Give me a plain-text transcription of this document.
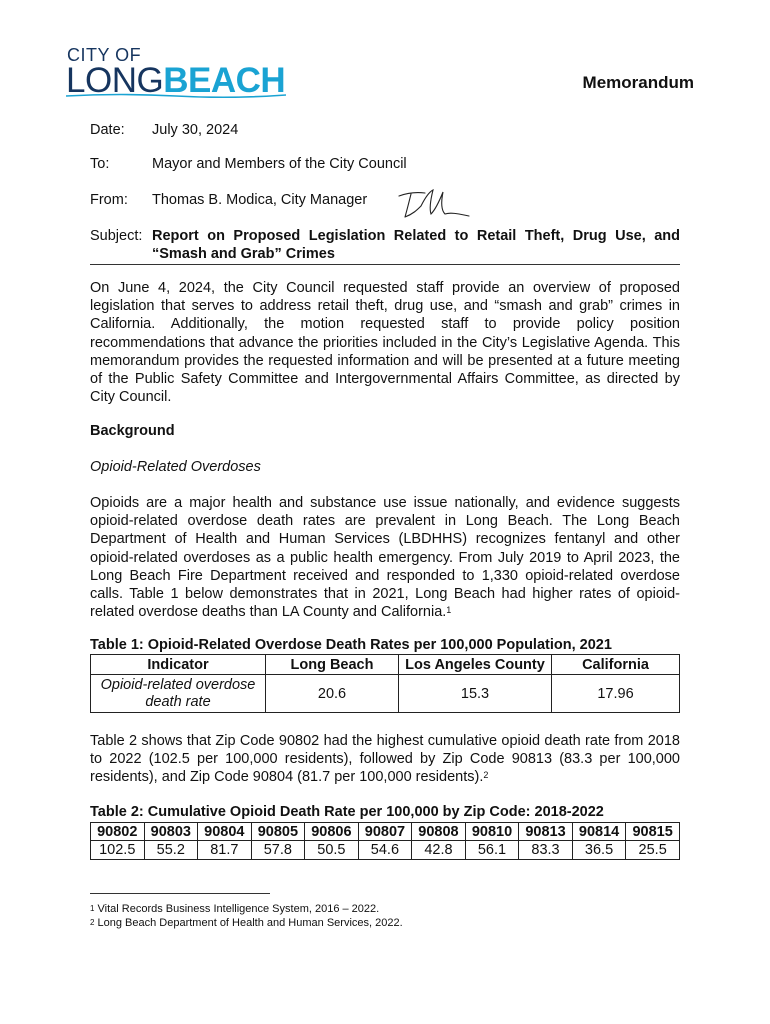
CITY OF
LONGBEACH	Memorandum
Date: July 30, 2024
To:	Mayor and Members of the City Council
From: Thomas B. Modica, City Manager
Subject: Report on Proposed Legislation Related to Retail Theft, Drug Use, and “Smash and Grab” Crimes
On June 4, 2024, the City Council requested staff provide an overview of proposed legislation that serves to address retail theft, drug use, and “smash and grab” crimes in California. Additionally, the motion requested staff to provide policy position recommendations that advance the priorities included in the City’s Legislative Agenda. This memorandum provides the requested information and will be presented at a future meeting of the Public Safety Committee and Intergovernmental Affairs Committee, as directed by City Council.
Background
Opioid-Related Overdoses
Opioids are a major health and substance use issue nationally, and evidence suggests opioid-related overdose death rates are prevalent in Long Beach. The Long Beach Department of Health and Human Services (LBDHHS) recognizes fentanyl and other opioid-related overdoses as a public health emergency. From July 2019 to April 2023, the Long Beach Fire Department received and responded to 1,330 opioid-related overdose calls. Table 1 below demonstrates that in 2021, Long Beach had higher rates of opioid-related overdose deaths than LA County and California.$^1$
Table 1: Opioid-Related Overdose Death Rates per 100,000 Population, 2021
Indicator	Long Beach	Los Angeles County	California
Opioid-related overdose death rate	20.6	15.3	17.96
Table 2 shows that Zip Code 90802 had the highest cumulative opioid death rate from 2018 to 2022 (102.5 per 100,000 residents), followed by Zip Code 90813 (83.3 per 100,000 residents), and Zip Code 90804 (81.7 per 100,000 residents).$^2$
Table 2: Cumulative Opioid Death Rate per 100,000 by Zip Code: 2018-2022
90802	90803	90804	90805	90806	90807	90808	90810	90813	90814	90815
102.5	55.2	81.7	57.8	50.5	54.6	42.8	56.1	83.3	36.5	25.5
$^1$ Vital Records Business Intelligence System, 2016 – 2022.
$^2$ Long Beach Department of Health and Human Services, 2022.
